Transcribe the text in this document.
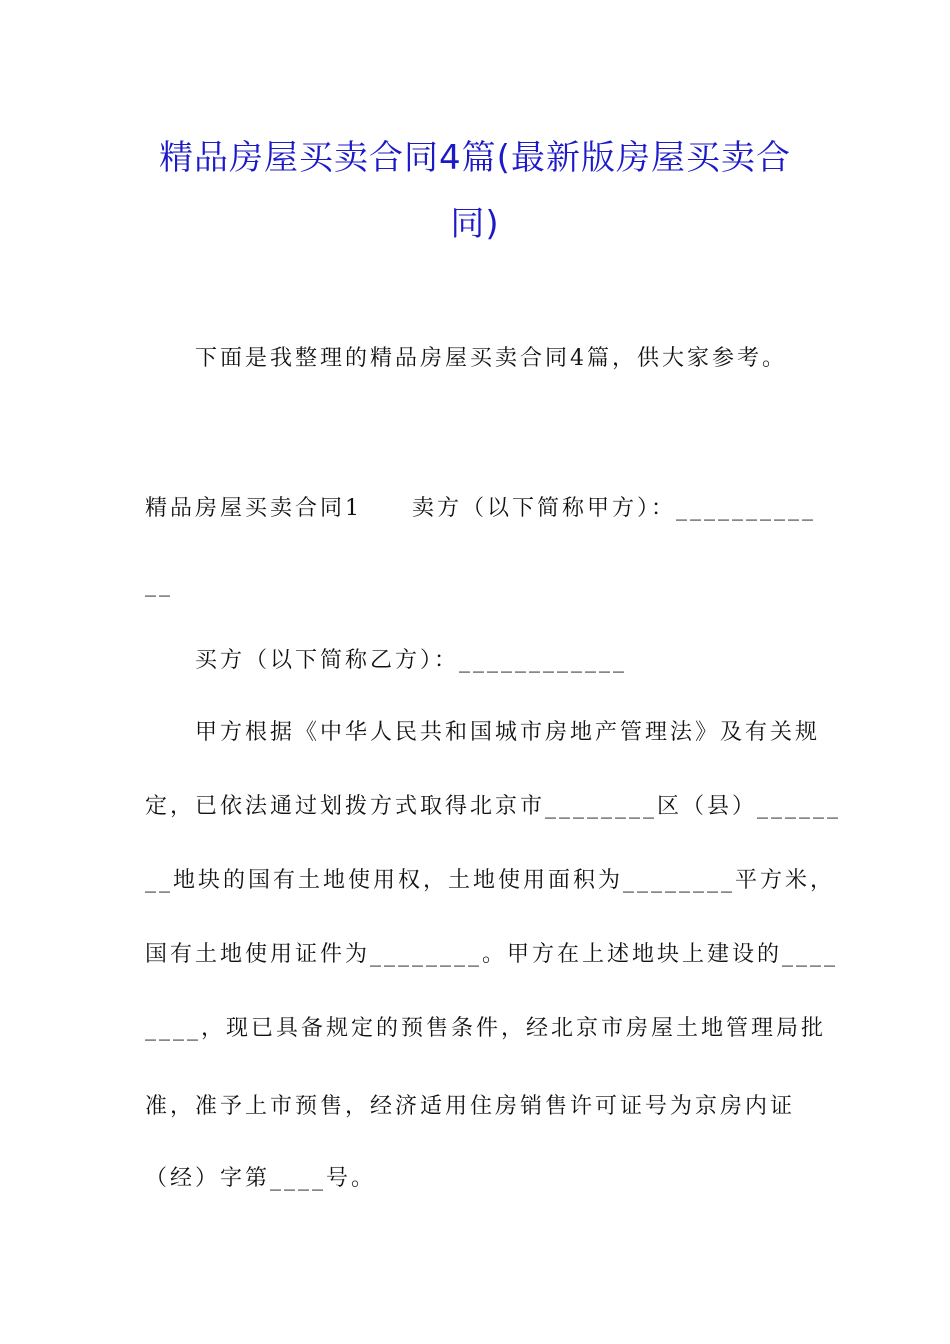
精品房屋买卖合同4篇(最新版房屋买卖合同)
下面是我整理的精品房屋买卖合同4篇，供大家参考。
精品房屋买卖合同1　　卖方（以下简称甲方）：__________
__
买方（以下简称乙方）：____________
甲方根据《中华人民共和国城市房地产管理法》及有关规
定，已依法通过划拨方式取得北京市________区（县）______
__地块的国有土地使用权，土地使用面积为________平方米，
国有土地使用证件为________。甲方在上述地块上建设的____
____，现已具备规定的预售条件，经北京市房屋土地管理局批
准，准予上市预售，经济适用住房销售许可证号为京房内证
（经）字第____号。
